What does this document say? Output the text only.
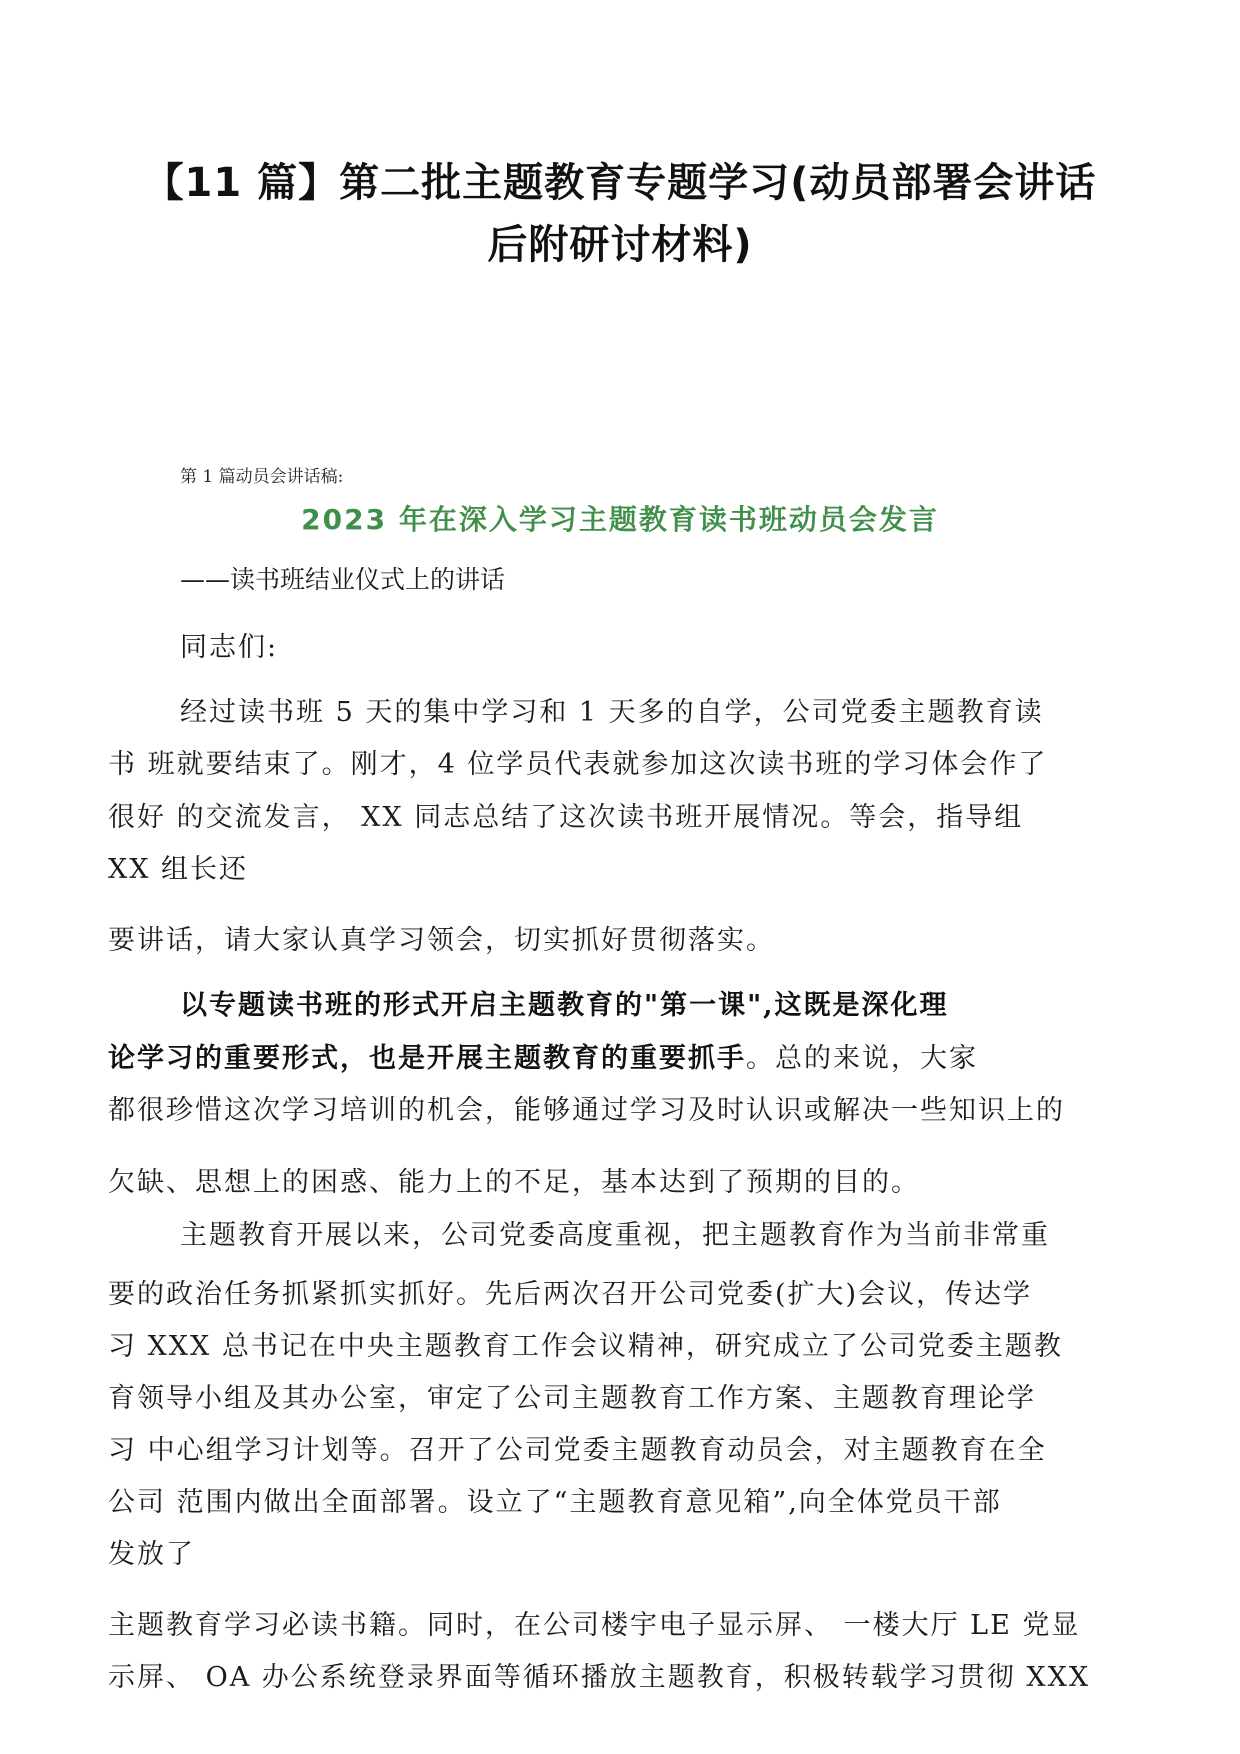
【11 篇】第二批主题教育专题学习(动员部署会讲话
后附研讨材料)
第 1 篇动员会讲话稿:
2023 年在深入学习主题教育读书班动员会发言
——读书班结业仪式上的讲话
同志们:
经过读书班 5 天的集中学习和 1 天多的自学，公司党委主题教育读
书 班就要结束了。刚才，4 位学员代表就参加这次读书班的学习体会作了
很好 的交流发言， XX 同志总结了这次读书班开展情况。等会，指导组
XX 组长还
要讲话，请大家认真学习领会，切实抓好贯彻落实。
以专题读书班的形式开启主题教育的"第一课",这既是深化理
论学习的重要形式，也是开展主题教育的重要抓手。总的来说，大家
都很珍惜这次学习培训的机会，能够通过学习及时认识或解决一些知识上的
欠缺、思想上的困惑、能力上的不足，基本达到了预期的目的。
主题教育开展以来，公司党委高度重视，把主题教育作为当前非常重
要的政治任务抓紧抓实抓好。先后两次召开公司党委(扩大)会议，传达学
习 XXX 总书记在中央主题教育工作会议精神，研究成立了公司党委主题教
育领导小组及其办公室，审定了公司主题教育工作方案、主题教育理论学
习 中心组学习计划等。召开了公司党委主题教育动员会，对主题教育在全
公司 范围内做出全面部署。设立了“主题教育意见箱”,向全体党员干部
发放了
主题教育学习必读书籍。同时，在公司楼宇电子显示屏、 一楼大厅 LE 党显
示屏、 OA 办公系统登录界面等循环播放主题教育，积极转载学习贯彻 XXX
